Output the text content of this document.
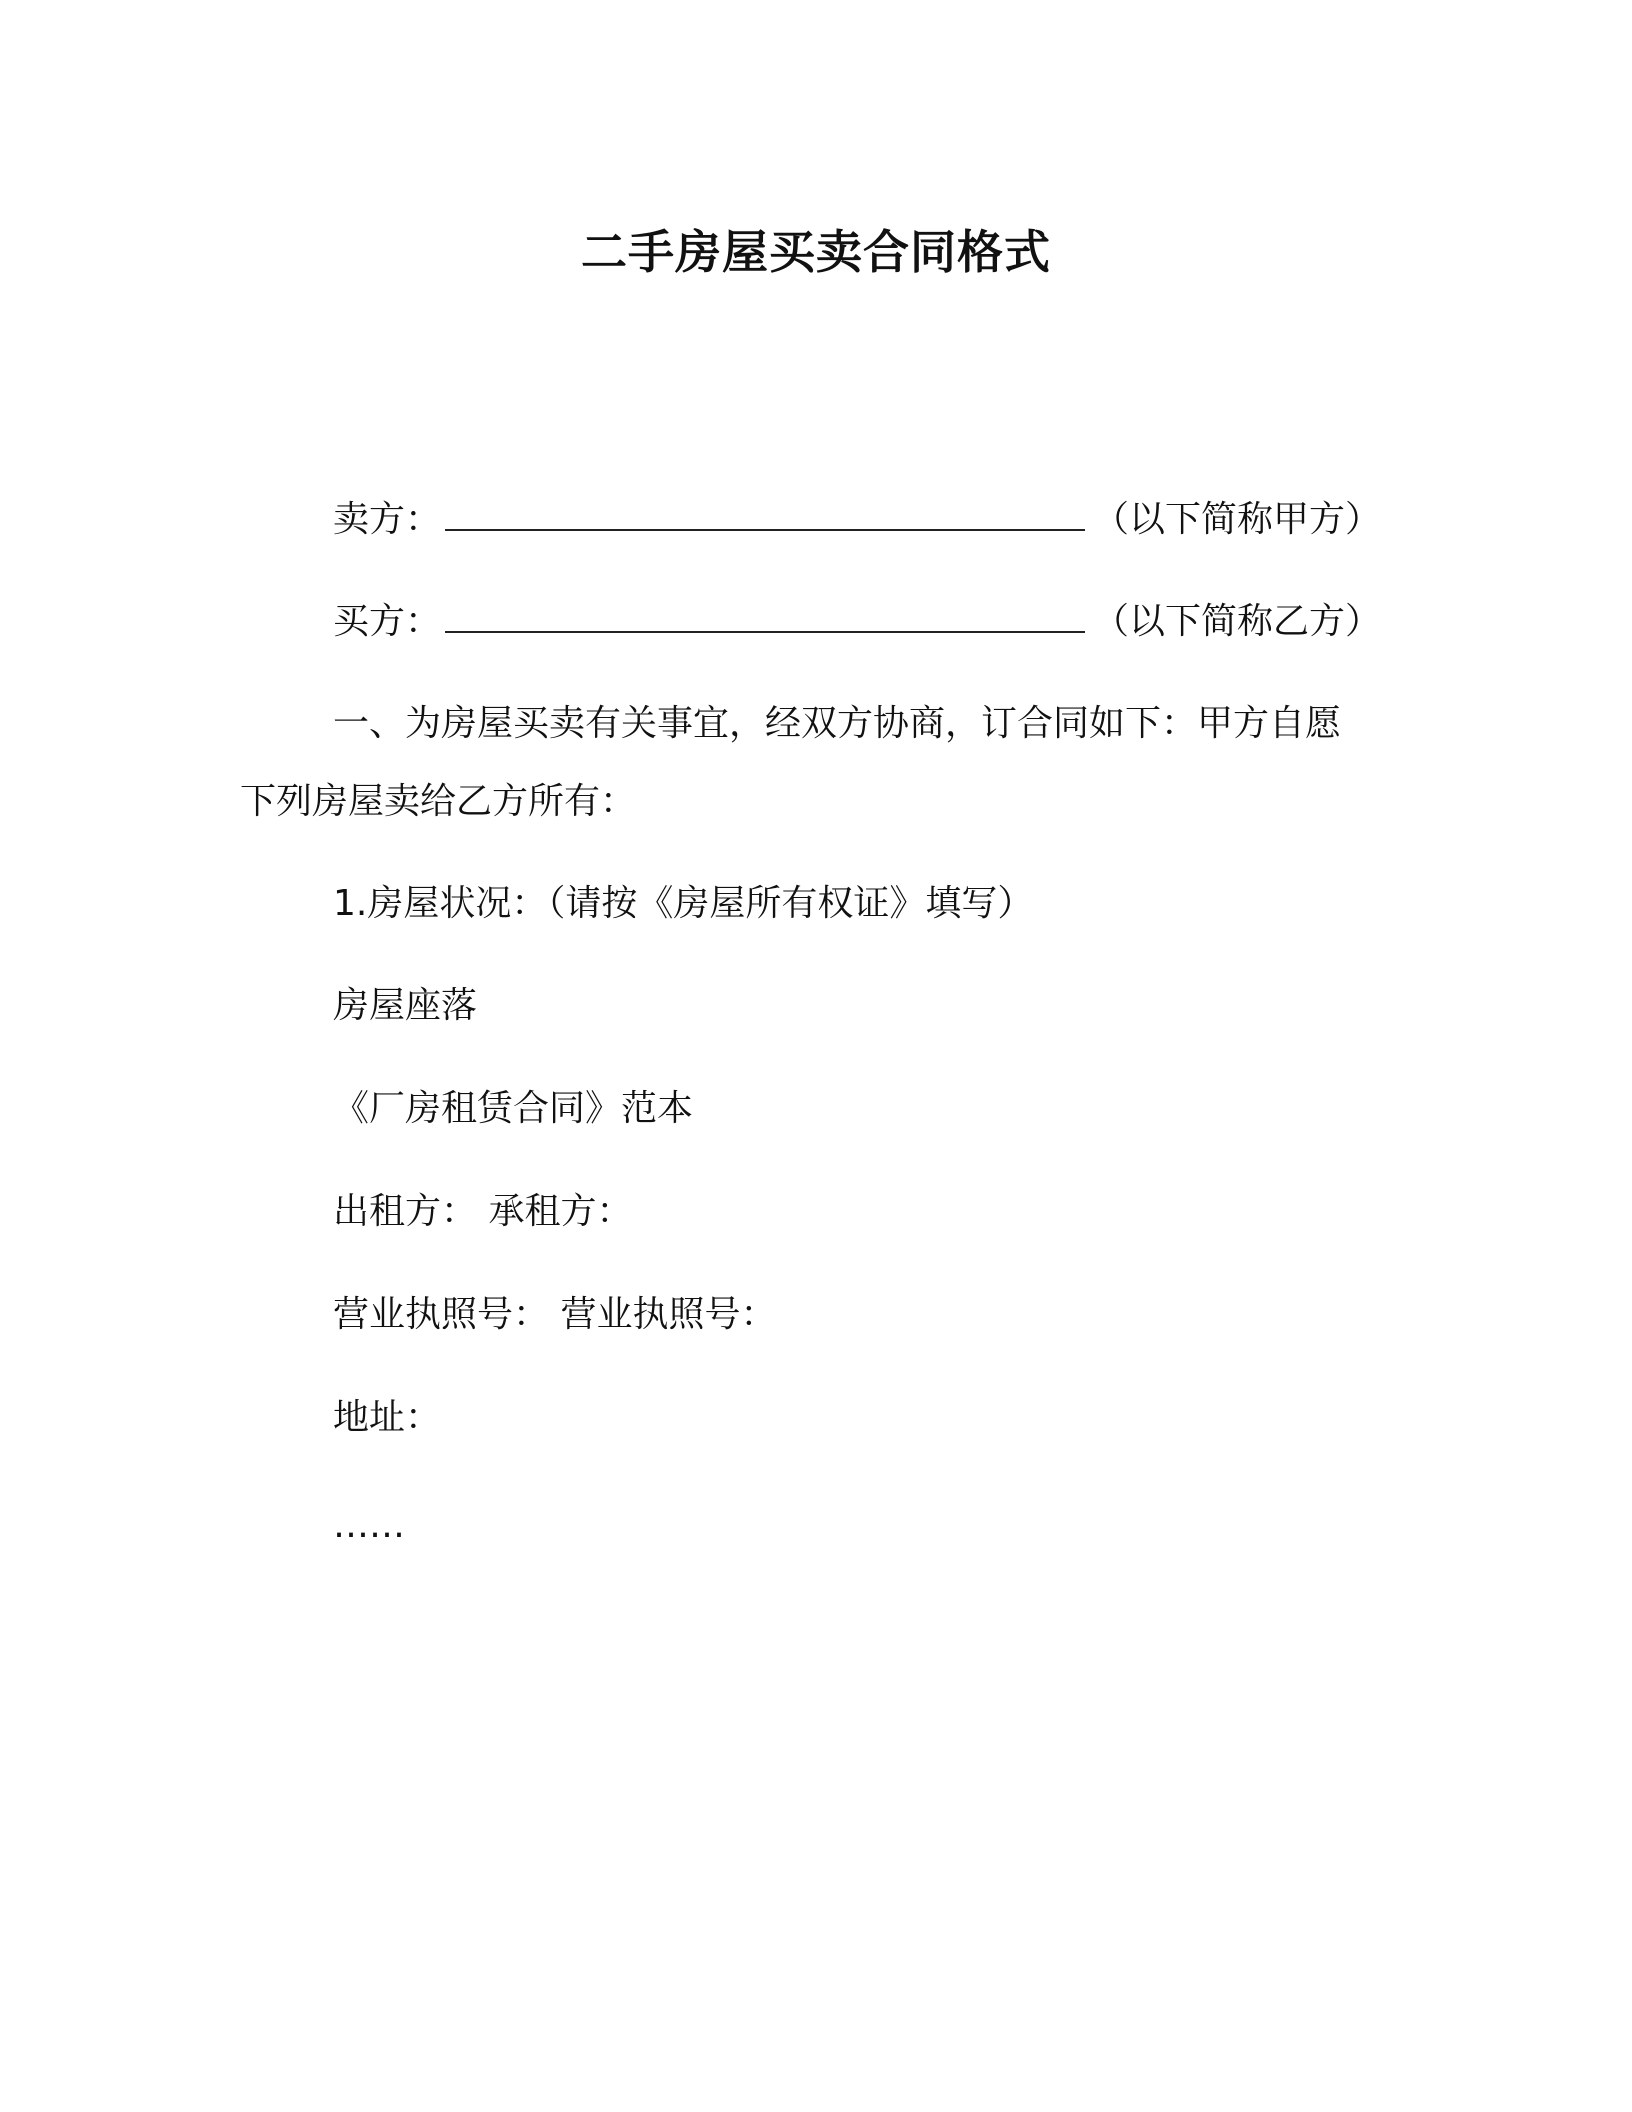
二手房屋买卖合同格式

卖方：	（以下简称甲方）

买方：	（以下简称乙方）

一、为房屋买卖有关事宜，经双方协商，订合同如下：甲方自愿下列房屋卖给乙方所有：

1.房屋状况：（请按《房屋所有权证》填写）

房屋座落

《厂房租赁合同》范本

出租方： 承租方：

营业执照号： 营业执照号：

地址：

……
